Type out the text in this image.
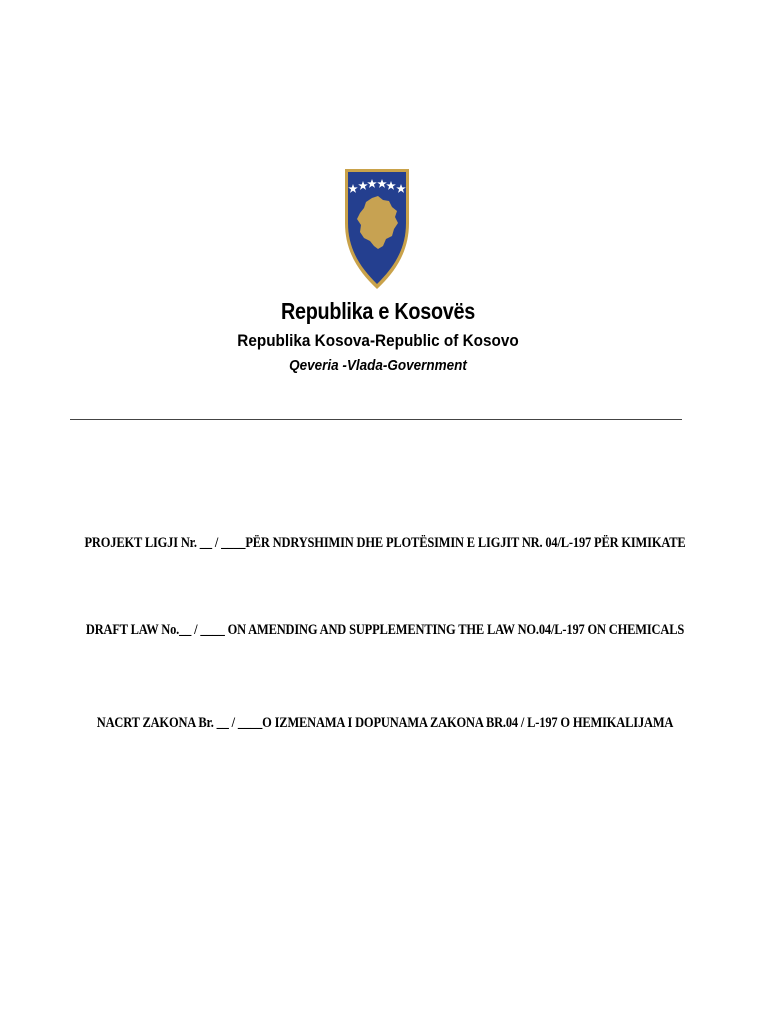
Republika e Kosovës
Republika Kosova-Republic of Kosovo
Qeveria -Vlada-Government
PROJEKT LIGJI Nr. __ / ____PËR NDRYSHIMIN DHE PLOTËSIMIN E LIGJIT NR. 04/L-197 PËR KIMIKATE
DRAFT LAW No.__ / ____ ON AMENDING AND SUPPLEMENTING THE LAW NO.04/L-197 ON CHEMICALS
NACRT ZAKONA Br. __ / ____O IZMENAMA I DOPUNAMA ZAKONA BR.04 / L-197 O HEMIKALIJAMA
